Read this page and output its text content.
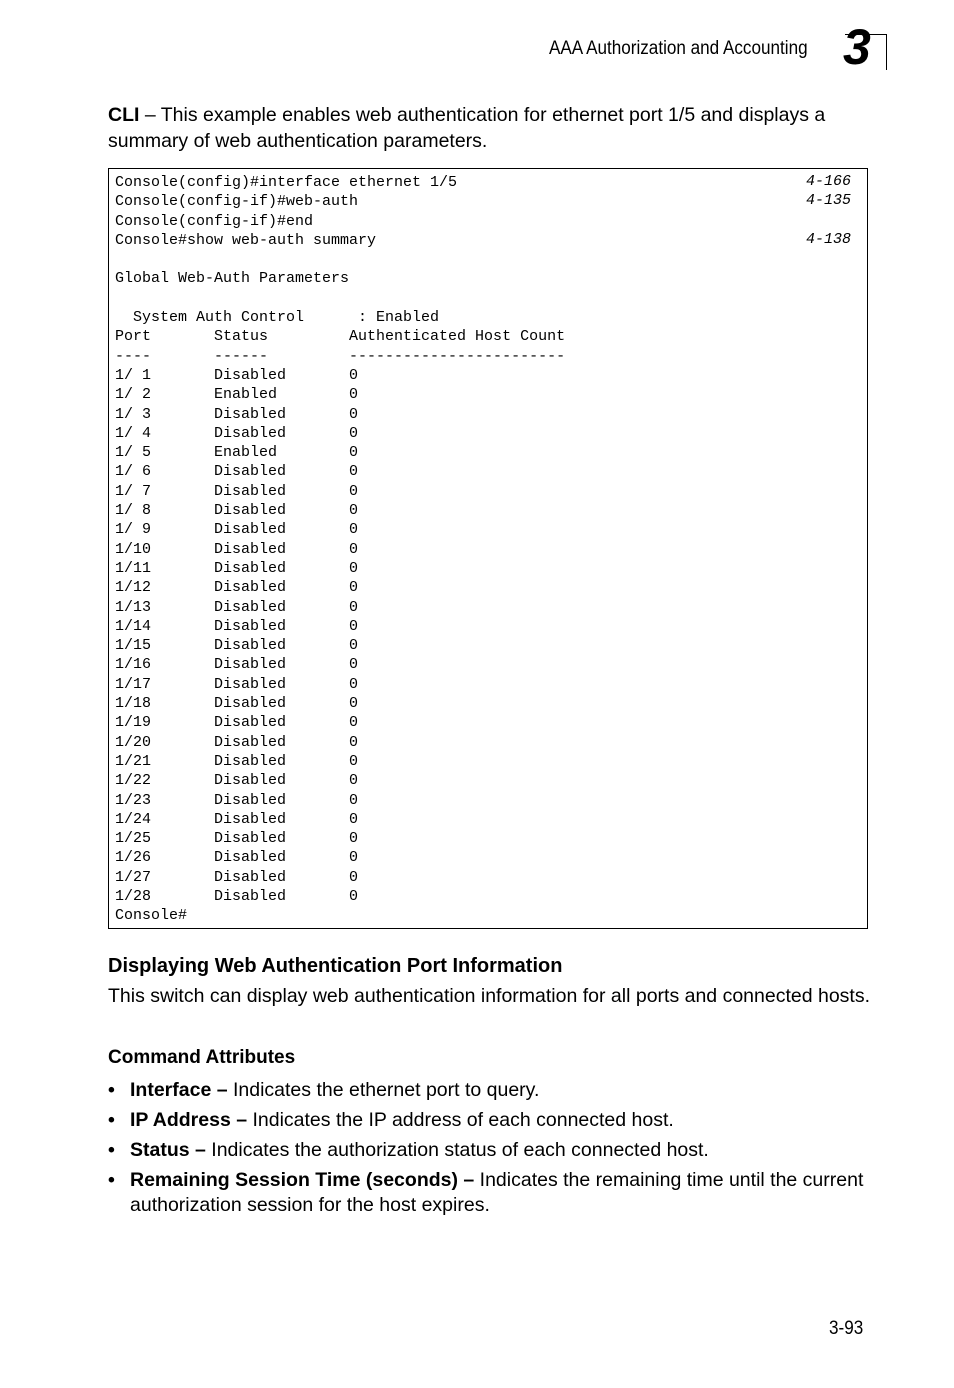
AAA Authorization and Accounting 3
CLI – This example enables web authentication for ethernet port 1/5 and displays a summary of web authentication parameters.
Console(config)#interface ethernet 1/5
Console(config-if)#web-auth
Console(config-if)#end
Console#show web-auth summary

Global Web-Auth Parameters

System Auth Control      : Enabled
Port       Status         Authenticated Host Count
----       ------         ------------------------
1/ 1       Disabled       0
1/ 2       Enabled        0
1/ 3       Disabled       0
1/ 4       Disabled       0
1/ 5       Enabled        0
1/ 6       Disabled       0
1/ 7       Disabled       0
1/ 8       Disabled       0
1/ 9       Disabled       0
1/10       Disabled       0
1/11       Disabled       0
1/12       Disabled       0
1/13       Disabled       0
1/14       Disabled       0
1/15       Disabled       0
1/16       Disabled       0
1/17       Disabled       0
1/18       Disabled       0
1/19       Disabled       0
1/20       Disabled       0
1/21       Disabled       0
1/22       Disabled       0
1/23       Disabled       0
1/24       Disabled       0
1/25       Disabled       0
1/26       Disabled       0
1/27       Disabled       0
1/28       Disabled       0
Console#
4-166
4-135
4-138
Displaying Web Authentication Port Information
This switch can display web authentication information for all ports and connected hosts.
Command Attributes
• Interface – Indicates the ethernet port to query.
• IP Address – Indicates the IP address of each connected host.
• Status – Indicates the authorization status of each connected host.
• Remaining Session Time (seconds) – Indicates the remaining time until the current authorization session for the host expires.
3-93
